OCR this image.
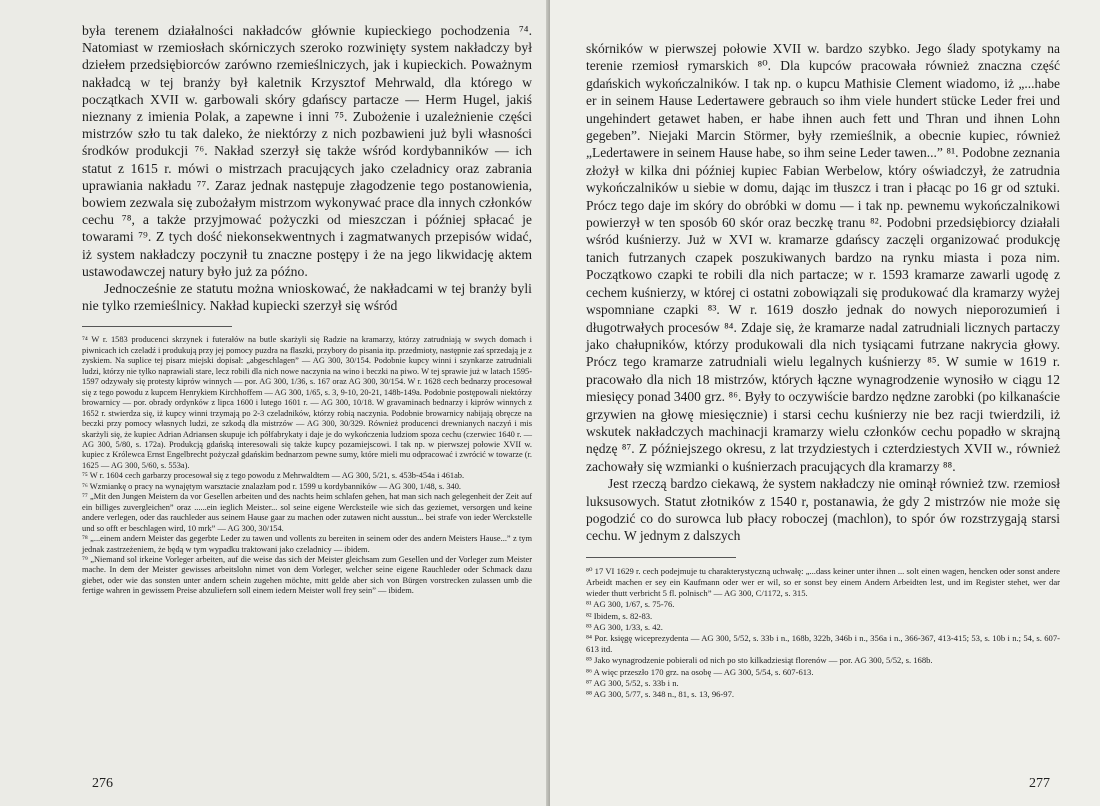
była terenem działalności nakładców głównie kupieckiego pochodzenia ⁷⁴. Natomiast w rzemiosłach skórniczych szeroko rozwinięty system nakładczy był dziełem przedsiębiorców zarówno rzemieślniczych, jak i kupieckich. Poważnym nakładcą w tej branży był kaletnik Krzysztof Mehrwald, dla którego w początkach XVII w. garbowali skóry gdańscy partacze — Herm Hugel, jakiś nieznany z imienia Polak, a zapewne i inni ⁷⁵. Zubożenie i uzależnienie części mistrzów szło tu tak daleko, że niektórzy z nich pozbawieni już byli własności środków produkcji ⁷⁶. Nakład szerzył się także wśród kordybanników — ich statut z 1615 r. mówi o mistrzach pracujących jako czeladnicy oraz zabrania uprawiania nakładu ⁷⁷. Zaraz jednak następuje złagodzenie tego postanowienia, bowiem zezwala się zubożałym mistrzom wykonywać prace dla innych członków cechu ⁷⁸, a także przyjmować pożyczki od mieszczan i później spłacać je towarami ⁷⁹. Z tych dość niekonsekwentnych i zagmatwanych przepisów widać, iż system nakładczy poczynił tu znaczne postępy i że na jego likwidację aktem ustawodawczej natury było już za późno.

Jednocześnie ze statutu można wnioskować, że nakładcami w tej branży byli nie tylko rzemieślnicy. Nakład kupiecki szerzył się wśród

⁷⁴ W r. 1583 producenci skrzynek i futerałów na butle skarżyli się Radzie na kramarzy, którzy zatrudniają w swych domach i piwnicach ich czeladź i produkują przy jej pomocy puzdra na flaszki, przybory do pisania itp. przedmioty, następnie zaś sprzedają je z zyskiem. Na suplice tej pisarz miejski dopisał: „abgeschlagen” — AG 300, 30/154. Podobnie kupcy winni i szynkarze zatrudniali ludzi, którzy nie tylko naprawiali stare, lecz robili dla nich nowe naczynia na wino i beczki na piwo. W tej sprawie już w latach 1595-1597 odzywały się protesty kiprów winnych — por. AG 300, 1/36, s. 167 oraz AG 300, 30/154. W r. 1628 cech bednarzy procesował się z tego powodu z kupcem Henrykiem Kirchhoffem — AG 300, 1/65, s. 3, 9-10, 20-21, 148b-149a. Podobnie postępowali niektórzy browarnicy — por. obrady ordynków z lipca 1600 i lutego 1601 r. — AG 300, 10/18. W gravaminach bednarzy i kiprów winnych z 1652 r. stwierdza się, iż kupcy winni trzymają po 2-3 czeladników, którzy robią naczynia. Podobnie browarnicy nabijają obręcze na beczki przy pomocy własnych ludzi, ze szkodą dla mistrzów — AG 300, 30/329. Również producenci drewnianych naczyń i mis skarżyli się, że kupiec Adrian Adriansen skupuje ich półfabrykaty i daje je do wykończenia ludziom spoza cechu (czerwiec 1640 r. — AG 300, 5/80, s. 172a). Produkcją gdańską interesowali się także kupcy pozamiejscowi. I tak np. w pierwszej połowie XVII w. kupiec z Królewca Ernst Engelbrecht pożyczał gdańskim bednarzom pewne sumy, które mieli mu odpracować i zwrócić w towarze (r. 1625 — AG 300, 5/60, s. 553a).

⁷⁵ W r. 1604 cech garbarzy procesował się z tego powodu z Mehrwaldtem — AG 300, 5/21, s. 453b-454a i 461ab.

⁷⁶ Wzmiankę o pracy na wynajętym warsztacie znalazłam pod r. 1599 u kordybanników — AG 300, 1/48, s. 340.

⁷⁷ „Mit den Jungen Meistern da vor Gesellen arbeiten und des nachts heim schlafen gehen, hat man sich nach gelegenheit der Zeit auf ein billiges zuvergleichen” oraz ......ein ieglich Meister... sol seine eigene Wercksteile wie sich das geziemet, versorgen und keine andere verlegen, oder das rauchleder aus seinem Hause gaar zu machen oder zutawen nicht ausstun... bei strafe von ieder Werckstelle und so offt er beschlagen wird, 10 mrk” — AG 300, 30/154.

⁷⁸ „...einem andern Meister das gegerbte Leder zu tawen und vollents zu bereiten in seinem oder des andern Meisters Hause...” z tym jednak zastrzeżeniem, że będą w tym wypadku traktowani jako czeladnicy — ibidem.

⁷⁹ „Niemand sol irkeine Vorleger arbeiten, auf die weise das sich der Meister gleichsam zum Gesellen und der Vorleger zum Meister mache. In dem der Meister gewisses arbeitslohn nimet von dem Vorleger, welcher seine eigene Rauchleder oder Schmack dazu giebet, oder wie das sonsten unter andern schein zugehen möchte, mitt gelde aber sich von Bürgen vorstrecken zulassen umb die fertige wahren in gewissem Preise abzuliefern soll einem iedern Meister woll frey sein” — ibidem.

276

skórników w pierwszej połowie XVII w. bardzo szybko. Jego ślady spotykamy na terenie rzemiosł rymarskich ⁸⁰. Dla kupców pracowała również znaczna część gdańskich wykończalników. I tak np. o kupcu Mathisie Clement wiadomo, iż „...habe er in seinem Hause Ledertawere gebrauch so ihm viele hundert stücke Leder frei und ungehindert getawet haben, er habe ihnen auch fett und Thran und ihnen Lohn gegeben”. Niejaki Marcin Störmer, były rzemieślnik, a obecnie kupiec, również „Ledertawere in seinem Hause habe, so ihm seine Leder tawen...” ⁸¹. Podobne zeznania złożył w kilka dni później kupiec Fabian Werbelow, który oświadczył, że zatrudnia wykończalników u siebie w domu, dając im tłuszcz i tran i płacąc po 16 gr od sztuki. Prócz tego daje im skóry do obróbki w domu — i tak np. pewnemu wykończalnikowi powierzył w ten sposób 60 skór oraz beczkę tranu ⁸². Podobni przedsiębiorcy działali wśród kuśnierzy. Już w XVI w. kramarze gdańscy zaczęli organizować produkcję tanich futrzanych czapek poszukiwanych bardzo na rynku miasta i poza nim. Początkowo czapki te robili dla nich partacze; w r. 1593 kramarze zawarli ugodę z cechem kuśnierzy, w której ci ostatni zobowiązali się produkować dla kramarzy wyżej wspomniane czapki ⁸³. W r. 1619 doszło jednak do nowych nieporozumień i długotrwałych procesów ⁸⁴. Zdaje się, że kramarze nadal zatrudniali licznych partaczy jako chałupników, którzy produkowali dla nich tysiącami futrzane nakrycia głowy. Prócz tego kramarze zatrudniali wielu legalnych kuśnierzy ⁸⁵. W sumie w 1619 r. pracowało dla nich 18 mistrzów, których łączne wynagrodzenie wynosiło w ciągu 12 miesięcy ponad 3400 grz. ⁸⁶. Były to oczywiście bardzo nędzne zarobki (po kilkanaście grzywien na głowę miesięcznie) i starsi cechu kuśnierzy nie bez racji twierdzili, iż wskutek nakładczych machinacji kramarzy wielu członków cechu popadło w skrajną nędzę ⁸⁷. Z późniejszego okresu, z lat trzydziestych i czterdziestych XVII w., również zachowały się wzmianki o kuśnierzach pracujących dla kramarzy ⁸⁸.

Jest rzeczą bardzo ciekawą, że system nakładczy nie ominął również tzw. rzemiosł luksusowych. Statut złotników z 1540 r, postanawia, że gdy 2 mistrzów nie może się pogodzić co do surowca lub płacy roboczej (machlon), to spór ów rozstrzygają starsi cechu. W jednym z dalszych

⁸⁰ 17 VI 1629 r. cech podejmuje tu charakterystyczną uchwałę: „...dass keiner unter ihnen ... solt einen wagen, hencken oder sonst andere Arbeidt machen er sey ein Kaufmann oder wer er wil, so er sonst bey einem Andern Arbeidten lest, und im Register stehet, wer dar wieder thutt verbricht 5 fl. polnisch” — AG 300, C/1172, s. 315.

⁸¹ AG 300, 1/67, s. 75-76.

⁸² Ibidem, s. 82-83.

⁸³ AG 300, 1/33, s. 42.

⁸⁴ Por. księgę wiceprezydenta — AG 300, 5/52, s. 33b i n., 168b, 322b, 346b i n., 356a i n., 366-367, 413-415; 53, s. 10b i n.; 54, s. 607-613 itd.

⁸⁵ Jako wynagrodzenie pobierali od nich po sto kilkadziesiąt florenów — por. AG 300, 5/52, s. 168b.

⁸⁶ A więc przeszło 170 grz. na osobę — AG 300, 5/54, s. 607-613.

⁸⁷ AG 300, 5/52, s. 33b i n.

⁸⁸ AG 300, 5/77, s. 348 n., 81, s. 13, 96-97.

277
